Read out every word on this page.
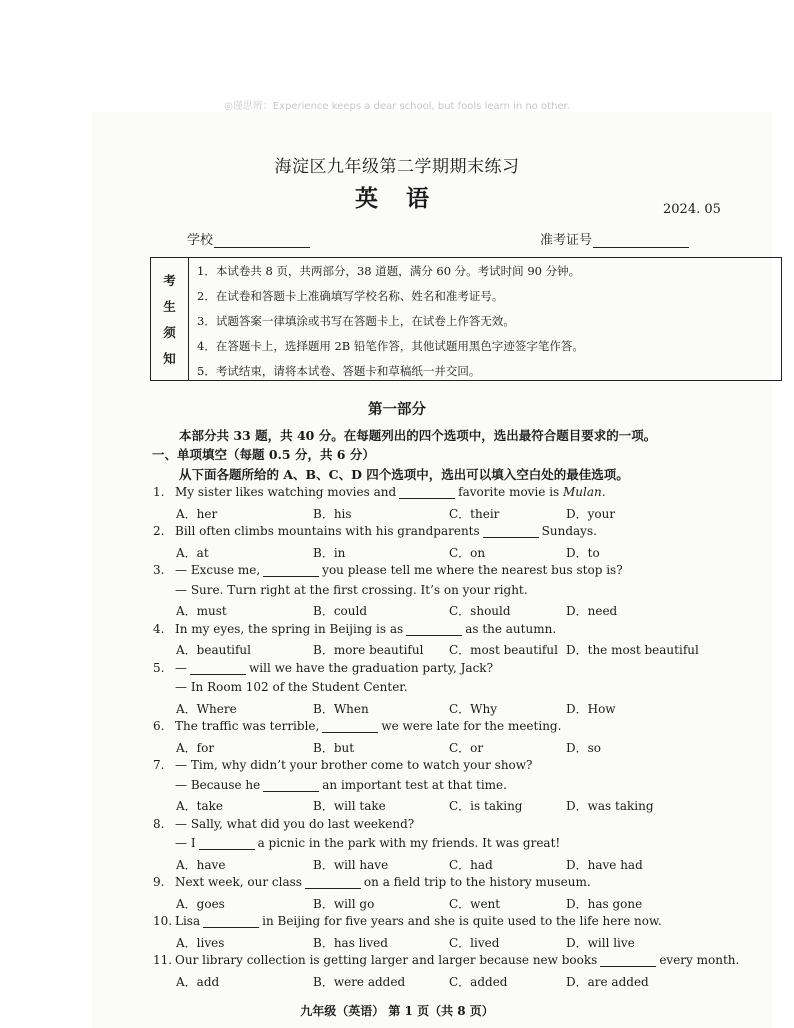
◎谨思辨：Experience keeps a dear school, but fools learn in no other.
海淀区九年级第二学期期末练习
英 语	2024. 05
学校	准考证号
考
生
须
知
1．本试卷共 8 页，共两部分，38 道题，满分 60 分。考试时间 90 分钟。
2．在试卷和答题卡上准确填写学校名称、姓名和准考证号。
3．试题答案一律填涂或书写在答题卡上，在试卷上作答无效。
4．在答题卡上，选择题用 2B 铅笔作答，其他试题用黑色字迹签字笔作答。
5．考试结束，请将本试卷、答题卡和草稿纸一并交回。
第一部分
本部分共 33 题，共 40 分。在每题列出的四个选项中，选出最符合题目要求的一项。
一、单项填空（每题 0.5 分，共 6 分）
从下面各题所给的 A、B、C、D 四个选项中，选出可以填入空白处的最佳选项。
1. My sister likes watching movies and	favorite movie is Mulan.
A．her	B．his	C．their	D．your
2. Bill often climbs mountains with his grandparents	Sundays.
A．at	B．in	C．on	D．to
3. — Excuse me,	you please tell me where the nearest bus stop is?
— Sure. Turn right at the first crossing. It’s on your right.
A．must	B．could	C．should	D．need
4. In my eyes, the spring in Beijing is as	as the autumn.
A．beautiful	B．more beautiful C．most beautiful D．the most beautiful
5. —	will we have the graduation party, Jack?
— In Room 102 of the Student Center.
A．Where	B．When	C．Why	D．How
6. The traffic was terrible,	we were late for the meeting.
A．for	B．but	C．or	D．so
7. — Tim, why didn’t your brother come to watch your show?
— Because he	an important test at that time.
A．take	B．will take	C．is taking	D．was taking
8. — Sally, what did you do last weekend?
— I	a picnic in the park with my friends. It was great!
A．have	B．will have	C．had	D．have had
9. Next week, our class	on a field trip to the history museum.
A．goes	B．will go	C．went	D．has gone
10. Lisa	in Beijing for five years and she is quite used to the life here now.
A．lives	B．has lived	C．lived	D．will live
11. Our library collection is getting larger and larger because new books	every month.
A．add	B．were added	C．added	D．are added
九年级（英语） 第 1 页（共 8 页）
